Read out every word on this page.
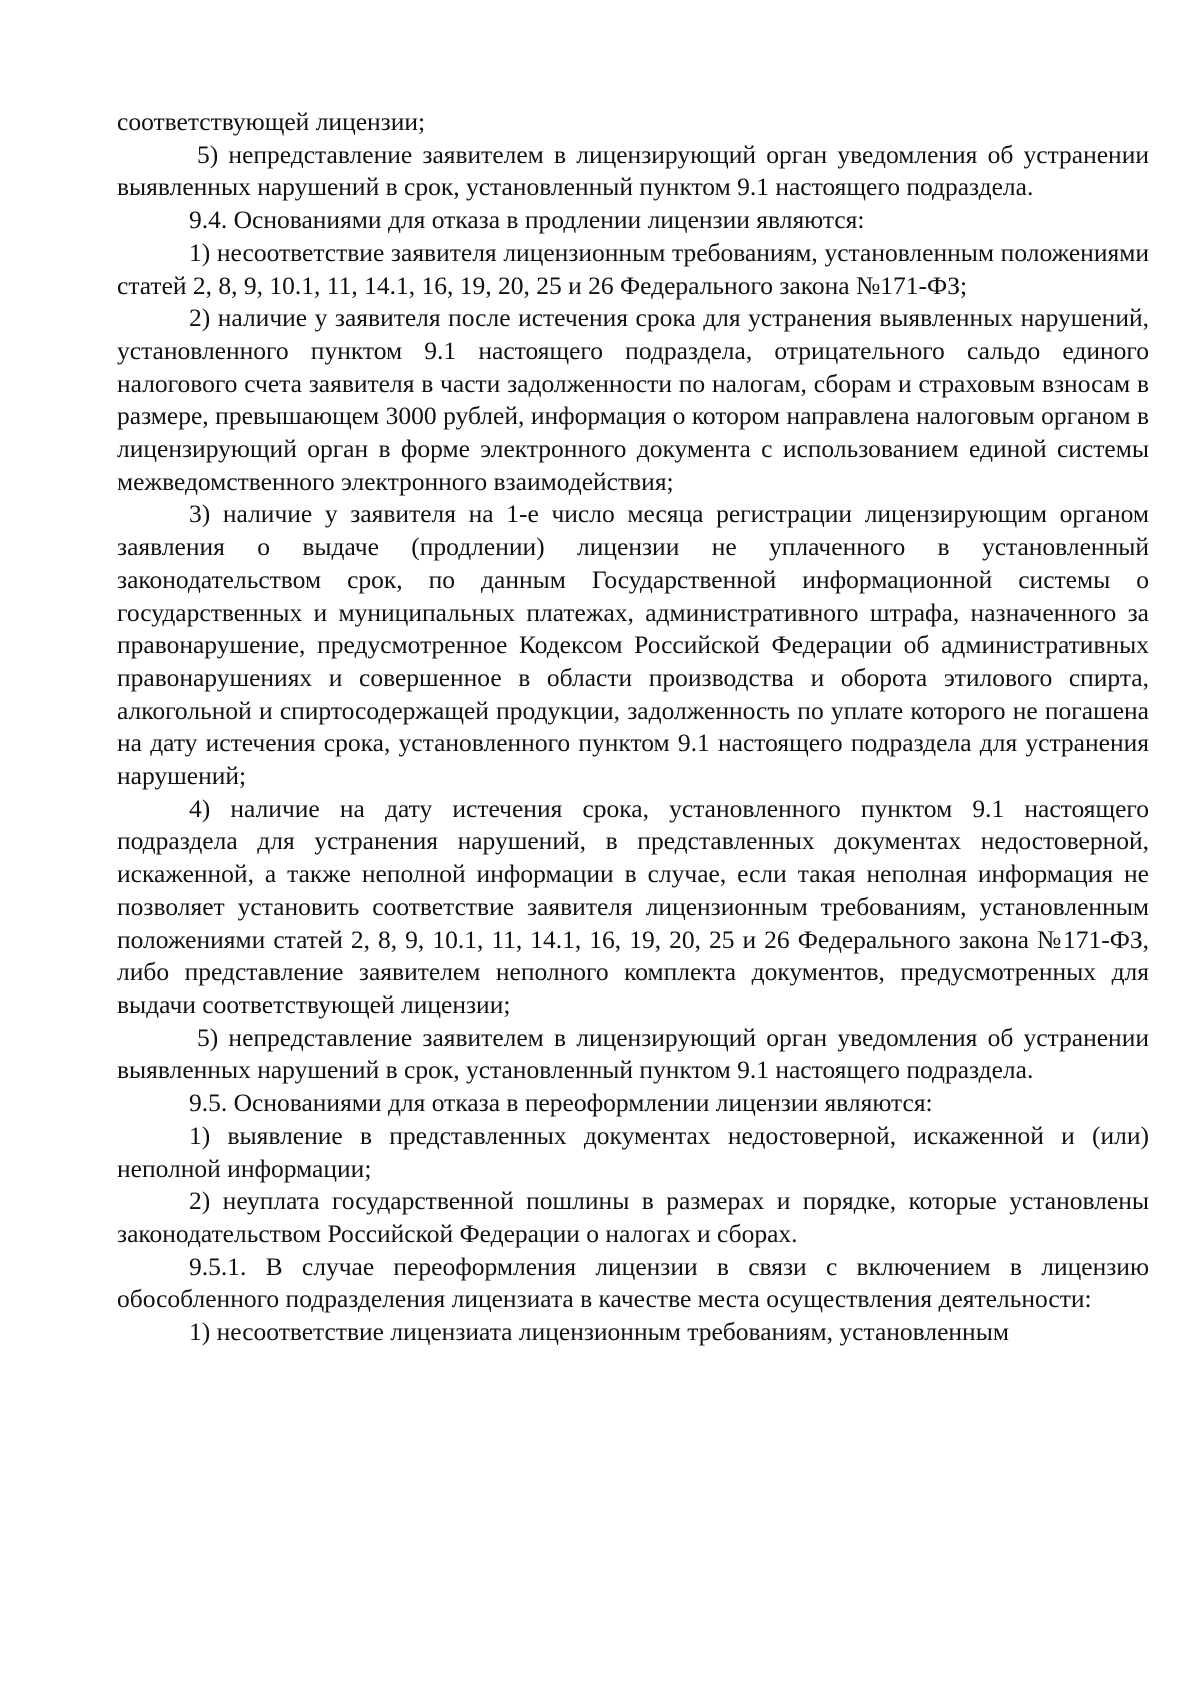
соответствующей лицензии;

5) непредставление заявителем в лицензирующий орган уведомления об устранении выявленных нарушений в срок, установленный пунктом 9.1 настоящего подраздела.

9.4. Основаниями для отказа в продлении лицензии являются:

1) несоответствие заявителя лицензионным требованиям, установленным положениями статей 2, 8, 9, 10.1, 11, 14.1, 16, 19, 20, 25 и 26 Федерального закона №171-ФЗ;

2) наличие у заявителя после истечения срока для устранения выявленных нарушений, установленного пунктом 9.1 настоящего подраздела, отрицательного сальдо единого налогового счета заявителя в части задолженности по налогам, сборам и страховым взносам в размере, превышающем 3000 рублей, информация о котором направлена налоговым органом в лицензирующий орган в форме электронного документа с использованием единой системы межведомственного электронного взаимодействия;

3) наличие у заявителя на 1-е число месяца регистрации лицензирующим органом заявления о выдаче (продлении) лицензии не уплаченного в установленный законодательством срок, по данным Государственной информационной системы о государственных и муниципальных платежах, административного штрафа, назначенного за правонарушение, предусмотренное Кодексом Российской Федерации об административных правонарушениях и совершенное в области производства и оборота этилового спирта, алкогольной и спиртосодержащей продукции, задолженность по уплате которого не погашена на дату истечения срока, установленного пунктом 9.1 настоящего подраздела для устранения нарушений;

4) наличие на дату истечения срока, установленного пунктом 9.1 настоящего подраздела для устранения нарушений, в представленных документах недостоверной, искаженной, а также неполной информации в случае, если такая неполная информация не позволяет установить соответствие заявителя лицензионным требованиям, установленным положениями статей 2, 8, 9, 10.1, 11, 14.1, 16, 19, 20, 25 и 26 Федерального закона №171-ФЗ, либо представление заявителем неполного комплекта документов, предусмотренных для выдачи соответствующей лицензии;

5) непредставление заявителем в лицензирующий орган уведомления об устранении выявленных нарушений в срок, установленный пунктом 9.1 настоящего подраздела.

9.5. Основаниями для отказа в переоформлении лицензии являются:

1) выявление в представленных документах недостоверной, искаженной и (или) неполной информации;

2) неуплата государственной пошлины в размерах и порядке, которые установлены законодательством Российской Федерации о налогах и сборах.

9.5.1. В случае переоформления лицензии в связи с включением в лицензию обособленного подразделения лицензиата в качестве места осуществления деятельности:

1) несоответствие лицензиата лицензионным требованиям, установленным
